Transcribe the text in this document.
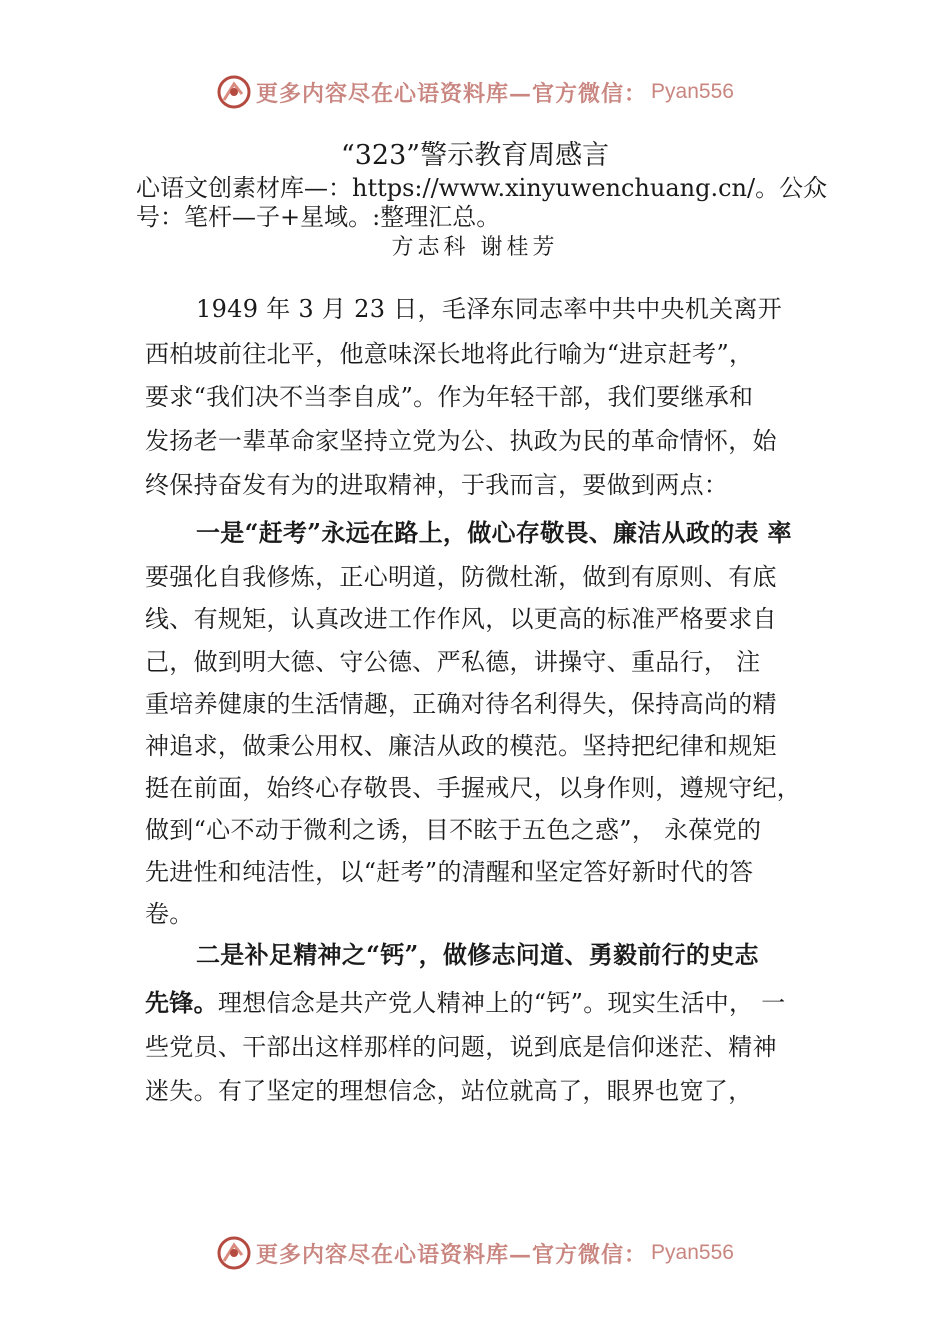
更多内容尽在心语资料库—官方微信： Pyan556
“323”警示教育周感言
心语文创素材库—：https://www.xinyuwenchuang.cn/。公众号：笔杆—子+星域。:整理汇总。
方志科 谢桂芳
1949 年 3 月 23 日，毛泽东同志率中共中央机关离开
西柏坡前往北平，他意味深长地将此行喻为“进京赶考”，
要求“我们决不当李自成”。作为年轻干部，我们要继承和
发扬老一辈革命家坚持立党为公、执政为民的革命情怀，始
终保持奋发有为的进取精神，于我而言，要做到两点：
一是“赶考”永远在路上，做心存敬畏、廉洁从政的表 率
要强化自我修炼，正心明道，防微杜渐，做到有原则、有底
线、有规矩，认真改进工作作风，以更高的标准严格要求自
己，做到明大德、守公德、严私德，讲操守、重品行， 注
重培养健康的生活情趣，正确对待名利得失，保持高尚的精
神追求，做秉公用权、廉洁从政的模范。坚持把纪律和规矩
挺在前面，始终心存敬畏、手握戒尺，以身作则，遵规守纪，
做到“心不动于微利之诱，目不眩于五色之惑”， 永葆党的
先进性和纯洁性，以“赶考”的清醒和坚定答好新时代的答
卷。
二是补足精神之“钙”，做修志问道、勇毅前行的史志
先锋。理想信念是共产党人精神上的“钙”。现实生活中， 一
些党员、干部出这样那样的问题，说到底是信仰迷茫、精神
迷失。有了坚定的理想信念，站位就高了，眼界也宽了，
更多内容尽在心语资料库—官方微信： Pyan556
